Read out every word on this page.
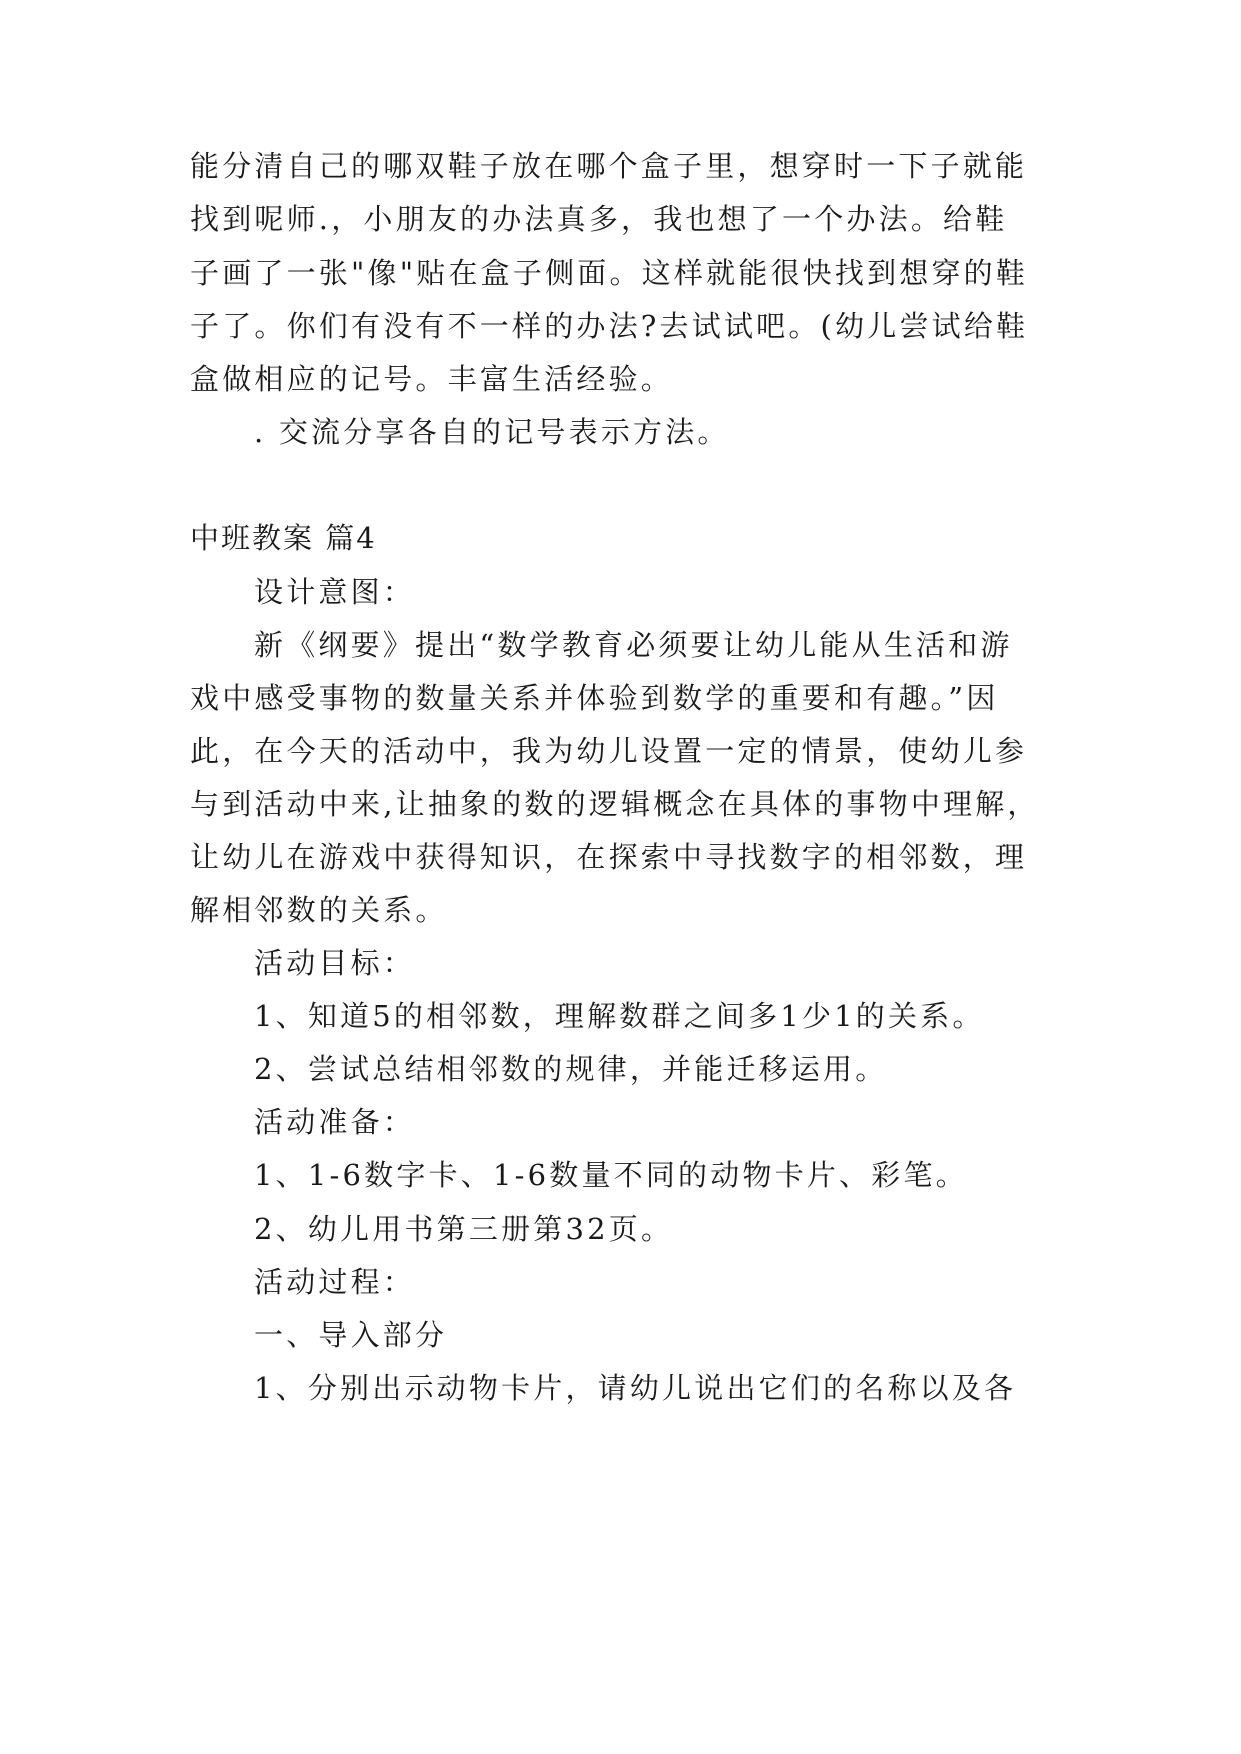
能分清自己的哪双鞋子放在哪个盒子里，想穿时一下子就能
找到呢师.，小朋友的办法真多，我也想了一个办法。给鞋
子画了一张"像"贴在盒子侧面。这样就能很快找到想穿的鞋
子了。你们有没有不一样的办法?去试试吧。(幼儿尝试给鞋
盒做相应的记号。丰富生活经验。
. 交流分享各自的记号表示方法。
中班教案 篇4
设计意图：
新《纲要》提出“数学教育必须要让幼儿能从生活和游
戏中感受事物的数量关系并体验到数学的重要和有趣。”因
此，在今天的活动中，我为幼儿设置一定的情景，使幼儿参
与到活动中来,让抽象的数的逻辑概念在具体的事物中理解，
让幼儿在游戏中获得知识，在探索中寻找数字的相邻数，理
解相邻数的关系。
活动目标：
1、知道5的相邻数，理解数群之间多1少1的关系。
2、尝试总结相邻数的规律，并能迁移运用。
活动准备：
1、1-6数字卡、1-6数量不同的动物卡片、彩笔。
2、幼儿用书第三册第32页。
活动过程：
一、导入部分
1、分别出示动物卡片，请幼儿说出它们的名称以及各
